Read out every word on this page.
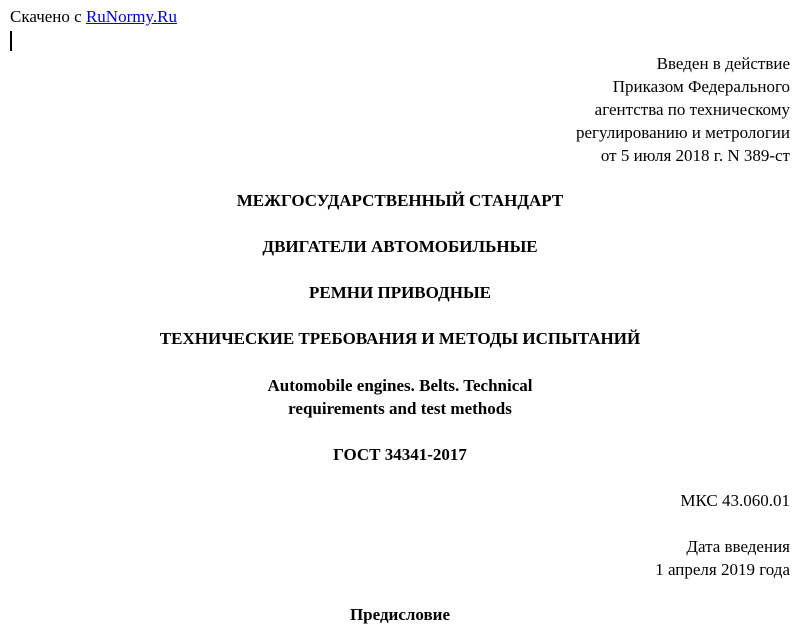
Скачено с RuNormy.Ru
Введен в действие
Приказом Федерального
агентства по техническому
регулированию и метрологии
от 5 июля 2018 г. N 389-ст
МЕЖГОСУДАРСТВЕННЫЙ СТАНДАРТ
ДВИГАТЕЛИ АВТОМОБИЛЬНЫЕ
РЕМНИ ПРИВОДНЫЕ
ТЕХНИЧЕСКИЕ ТРЕБОВАНИЯ И МЕТОДЫ ИСПЫТАНИЙ
Automobile engines. Belts. Technical
requirements and test methods
ГОСТ 34341-2017
МКС 43.060.01
Дата введения
1 апреля 2019 года
Предисловие
